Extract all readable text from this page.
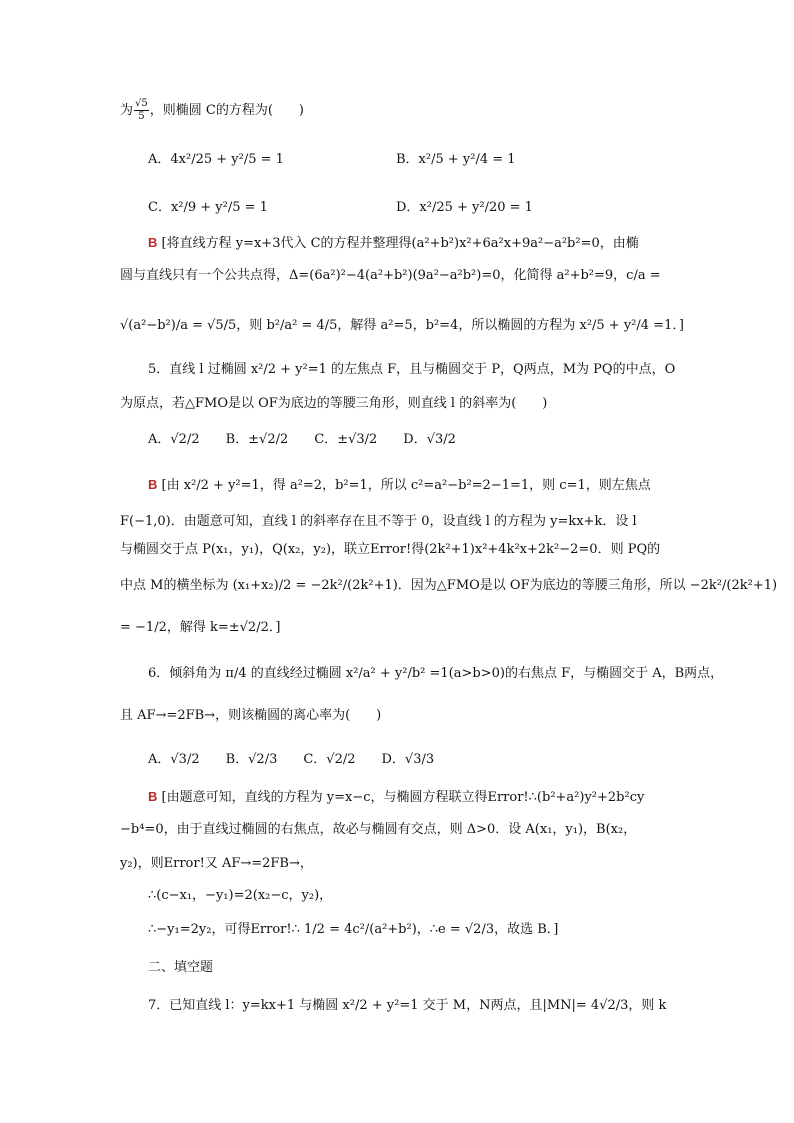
为 $\frac{√5}{5}$ ，则椭圆 C的方程为(　　)
A．4x²/25 + y²/5 = 1	B．x²/5 + y²/4 = 1
C．x²/9 + y²/5 = 1	D．x²/25 + y²/20 = 1
B [将直线方程 y=x+3代入 C的方程并整理得(a²+b²)x²+6a²x+9a²−a²b²=0，由椭
圆与直线只有一个公共点得，Δ=(6a²)²−4(a²+b²)(9a²−a²b²)=0，化简得 a²+b²=9，c/a =
√(a²−b²)/a = √5/5，则 b²/a² = 4/5，解得 a²=5，b²=4，所以椭圆的方程为 x²/5 + y²/4 =1．]
5．直线 l 过椭圆 x²/2 + y²=1 的左焦点 F，且与椭圆交于 P，Q两点，M为 PQ的中点，O
为原点，若△FMO是以 OF为底边的等腰三角形，则直线 l 的斜率为(　　)
A．√2/2　　B．±√2/2　　C．±√3/2　　D．√3/2
B [由 x²/2 + y²=1，得 a²=2，b²=1，所以 c²=a²−b²=2−1=1，则 c=1，则左焦点
F(−1,0)．由题意可知，直线 l 的斜率存在且不等于 0，设直线 l 的方程为 y=kx+k．设 l
与椭圆交于点 P(x₁，y₁)，Q(x₂，y₂)，联立Error!得(2k²+1)x²+4k²x+2k²−2=0．则 PQ的
中点 M的横坐标为 (x₁+x₂)/2 = −2k²/(2k²+1)．因为△FMO是以 OF为底边的等腰三角形，所以 −2k²/(2k²+1)
= −1/2，解得 k=±√2/2．]
6．倾斜角为 π/4 的直线经过椭圆 x²/a² + y²/b² =1(a>b>0)的右焦点 F，与椭圆交于 A，B两点，
且 AF→=2FB→，则该椭圆的离心率为(　　)
A．√3/2　　B．√2/3　　C．√2/2　　D．√3/3
B [由题意可知，直线的方程为 y=x−c，与椭圆方程联立得Error!∴(b²+a²)y²+2b²cy
−b⁴=0，由于直线过椭圆的右焦点，故必与椭圆有交点，则 Δ>0．设 A(x₁，y₁)，B(x₂，
y₂)，则Error!又 AF→=2FB→，
∴(c−x₁，−y₁)=2(x₂−c，y₂)，
∴−y₁=2y₂，可得Error!∴ 1/2 = 4c²/(a²+b²)，∴e = √2/3，故选 B．]
二、填空题
7．已知直线 l：y=kx+1 与椭圆 x²/2 + y²=1 交于 M，N两点，且|MN|= 4√2/3，则 k
